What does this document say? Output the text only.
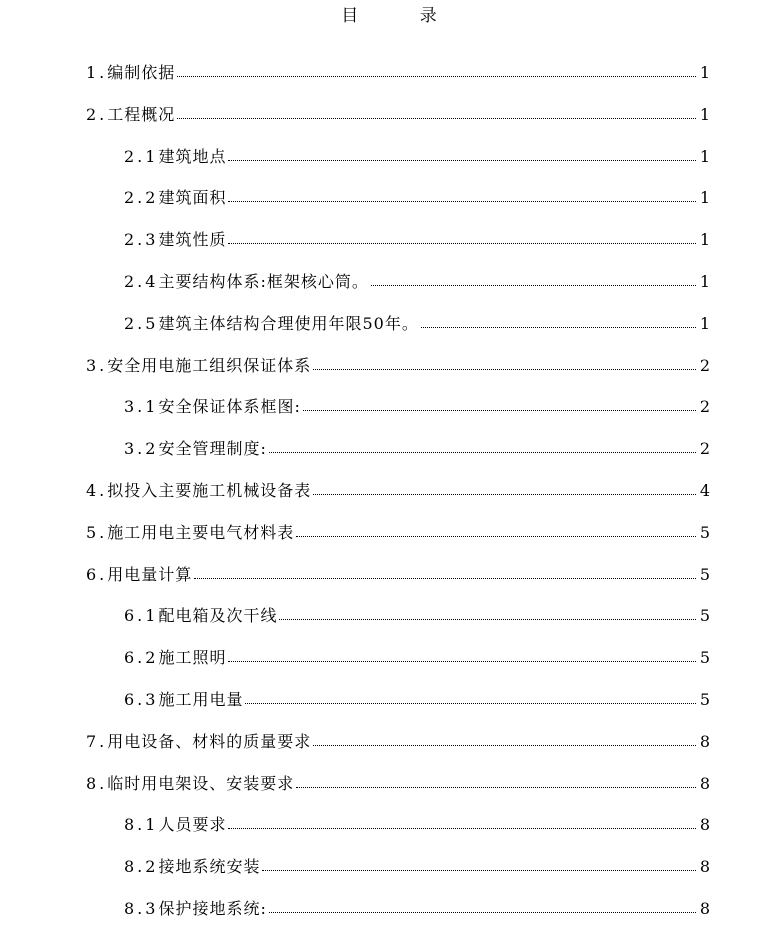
目 录
1. 编制依据	1
2. 工程概况	1
2.1 建筑地点	1
2.2 建筑面积	1
2.3 建筑性质	1
2.4 主要结构体系:框架核心筒。	1
2.5 建筑主体结构合理使用年限50年。	1
3. 安全用电施工组织保证体系	2
3.1 安全保证体系框图:	2
3.2 安全管理制度:	2
4. 拟投入主要施工机械设备表	4
5. 施工用电主要电气材料表	5
6. 用电量计算	5
6.1 配电箱及次干线	5
6.2 施工照明	5
6.3 施工用电量	5
7. 用电设备、材料的质量要求	8
8. 临时用电架设、安装要求	8
8.1 人员要求	8
8.2 接地系统安装	8
8.3 保护接地系统:	8
